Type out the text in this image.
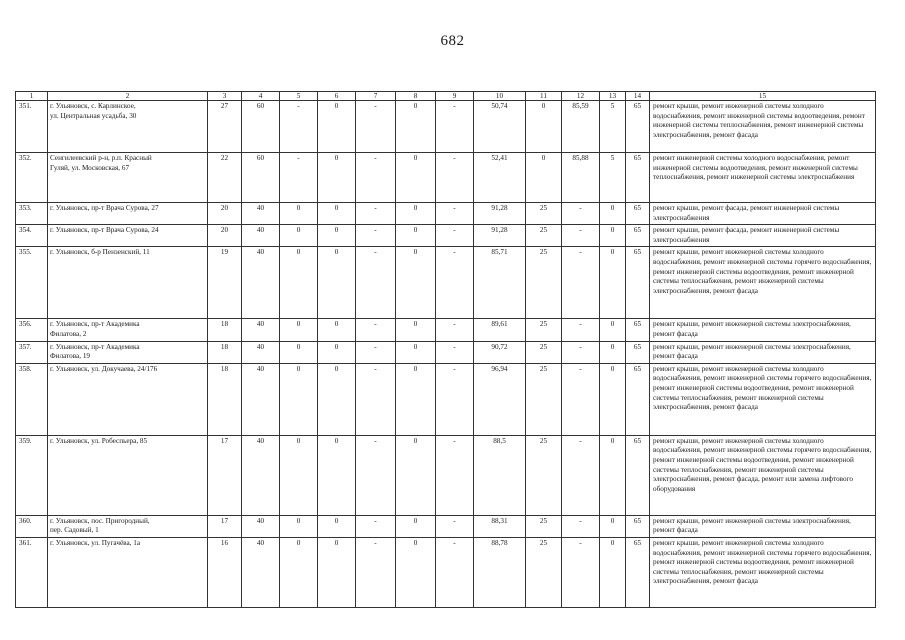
682
1	2	3	4	5	6	7	8	9	10	11	12	13	14	15
351.	г. Ульяновск, с. Карлинское,
ул. Центральная усадьба, 30	27	60	-	0	-	0	-	50,74	0	85,59	5	65	ремонт крыши, ремонт инженерной системы холодного водоснабжения, ремонт инженерной системы водоотведения, ремонт инженерной системы теплоснабжения, ремонт инженерной системы электроснабжения, ремонт фасада
352.	Сенгилеевский р-н, р.п. Красный
Гуляй, ул. Московская, 67	22	60	-	0	-	0	-	52,41	0	85,88	5	65	ремонт инженерной системы холодного водоснабжения, ремонт инженерной системы водоотведения, ремонт инженерной системы теплоснабжения, ремонт инженерной системы электроснабжения
353.	г. Ульяновск, пр-т Врача Сурова, 27	20	40	0	0	-	0	-	91,28	25	-	0	65	ремонт крыши, ремонт фасада, ремонт инженерной системы электроснабжения
354.	г. Ульяновск, пр-т Врача Сурова, 24	20	40	0	0	-	0	-	91,28	25	-	0	65	ремонт крыши, ремонт фасада, ремонт инженерной системы электроснабжения
355.	г. Ульяновск, б-р Пензенский, 11	19	40	0	0	-	0	-	85,71	25	-	0	65	ремонт крыши, ремонт инженерной системы холодного водоснабжения, ремонт инженерной системы горячего водоснабжения, ремонт инженерной системы водоотведения, ремонт инженерной системы теплоснабжения, ремонт инженерной системы электроснабжения, ремонт фасада
356.	г. Ульяновск, пр-т Академика
Филатова, 2	18	40	0	0	-	0	-	89,61	25	-	0	65	ремонт крыши, ремонт инженерной системы электроснабжения, ремонт фасада
357.	г. Ульяновск, пр-т Академика
Филатова, 19	18	40	0	0	-	0	-	90,72	25	-	0	65	ремонт крыши, ремонт инженерной системы электроснабжения, ремонт фасада
358.	г. Ульяновск, ул. Докучаева, 24/176	18	40	0	0	-	0	-	96,94	25	-	0	65	ремонт крыши, ремонт инженерной системы холодного водоснабжения, ремонт инженерной системы горячего водоснабжения, ремонт инженерной системы водоотведения, ремонт инженерной системы теплоснабжения, ремонт инженерной системы электроснабжения, ремонт фасада
359.	г. Ульяновск, ул. Робеспьера, 85	17	40	0	0	-	0	-	88,5	25	-	0	65	ремонт крыши, ремонт инженерной системы холодного водоснабжения, ремонт инженерной системы горячего водоснабжения, ремонт инженерной системы водоотведения, ремонт инженерной системы теплоснабжения, ремонт инженерной системы электроснабжения, ремонт фасада, ремонт или замена лифтового оборудования
360.	г. Ульяновск, пос. Пригородный,
пер. Садовый, 1	17	40	0	0	-	0	-	88,31	25	-	0	65	ремонт крыши, ремонт инженерной системы электроснабжения, ремонт фасада
361.	г. Ульяновск, ул. Пугачёва, 1а	16	40	0	0	-	0	-	88,78	25	-	0	65	ремонт крыши, ремонт инженерной системы холодного водоснабжения, ремонт инженерной системы горячего водоснабжения, ремонт инженерной системы водоотведения, ремонт инженерной системы теплоснабжения, ремонт инженерной системы электроснабжения, ремонт фасада
